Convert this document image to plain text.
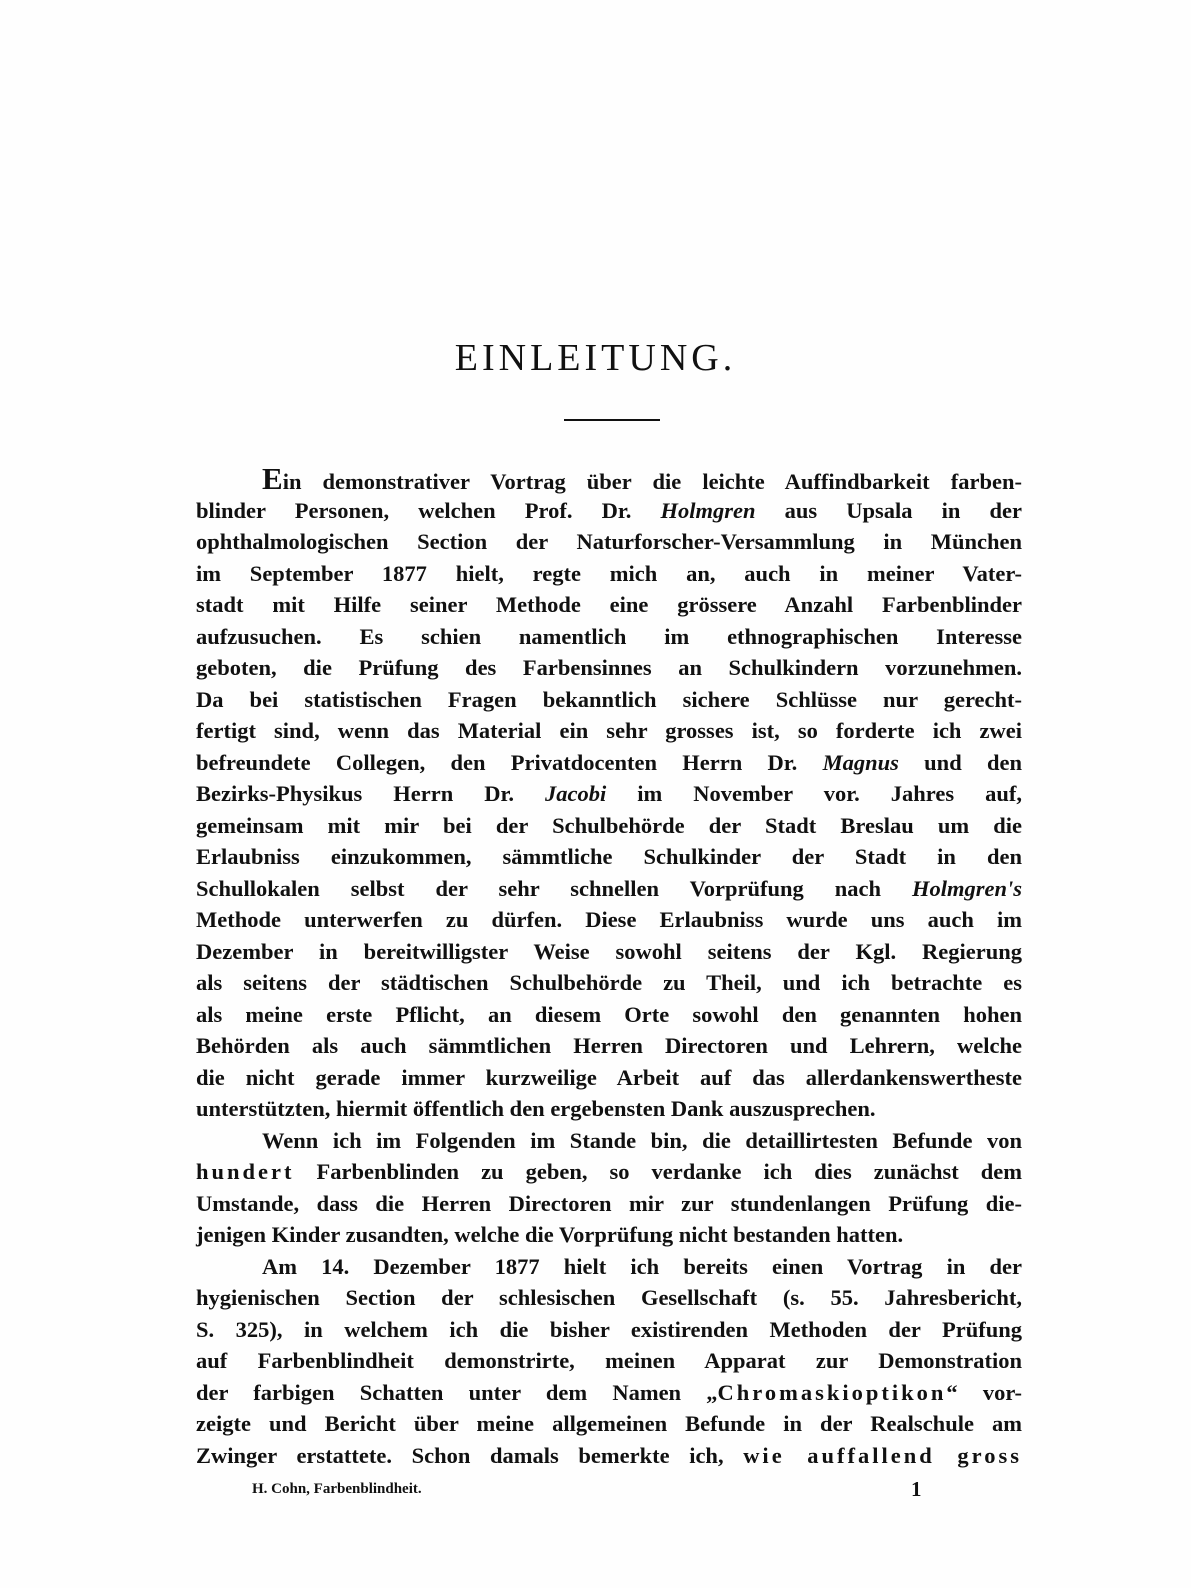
EINLEITUNG.
Ein demonstrativer Vortrag über die leichte Auffindbarkeit farben-
blinder Personen, welchen Prof. Dr. Holmgren aus Upsala in der
ophthalmologischen Section der Naturforscher-Versammlung in München
im September 1877 hielt, regte mich an, auch in meiner Vater-
stadt mit Hilfe seiner Methode eine grössere Anzahl Farbenblinder
aufzusuchen. Es schien namentlich im ethnographischen Interesse
geboten, die Prüfung des Farbensinnes an Schulkindern vorzunehmen.
Da bei statistischen Fragen bekanntlich sichere Schlüsse nur gerecht-
fertigt sind, wenn das Material ein sehr grosses ist, so forderte ich zwei
befreundete Collegen, den Privatdocenten Herrn Dr. Magnus und den
Bezirks-Physikus Herrn Dr. Jacobi im November vor. Jahres auf,
gemeinsam mit mir bei der Schulbehörde der Stadt Breslau um die
Erlaubniss einzukommen, sämmtliche Schulkinder der Stadt in den
Schullokalen selbst der sehr schnellen Vorprüfung nach Holmgren's
Methode unterwerfen zu dürfen. Diese Erlaubniss wurde uns auch im
Dezember in bereitwilligster Weise sowohl seitens der Kgl. Regierung
als seitens der städtischen Schulbehörde zu Theil, und ich betrachte es
als meine erste Pflicht, an diesem Orte sowohl den genannten hohen
Behörden als auch sämmtlichen Herren Directoren und Lehrern, welche
die nicht gerade immer kurzweilige Arbeit auf das allerdankenswertheste
unterstützten, hiermit öffentlich den ergebensten Dank auszusprechen.
Wenn ich im Folgenden im Stande bin, die detaillirtesten Befunde von
hundert Farbenblinden zu geben, so verdanke ich dies zunächst dem
Umstande, dass die Herren Directoren mir zur stundenlangen Prüfung die-
jenigen Kinder zusandten, welche die Vorprüfung nicht bestanden hatten.
Am 14. Dezember 1877 hielt ich bereits einen Vortrag in der
hygienischen Section der schlesischen Gesellschaft (s. 55. Jahresbericht,
S. 325), in welchem ich die bisher existirenden Methoden der Prüfung
auf Farbenblindheit demonstrirte, meinen Apparat zur Demonstration
der farbigen Schatten unter dem Namen „Chromaskioptikon“ vor-
zeigte und Bericht über meine allgemeinen Befunde in der Realschule am
Zwinger erstattete. Schon damals bemerkte ich, wie auffallend gross
H. Cohn, Farbenblindheit.	1
